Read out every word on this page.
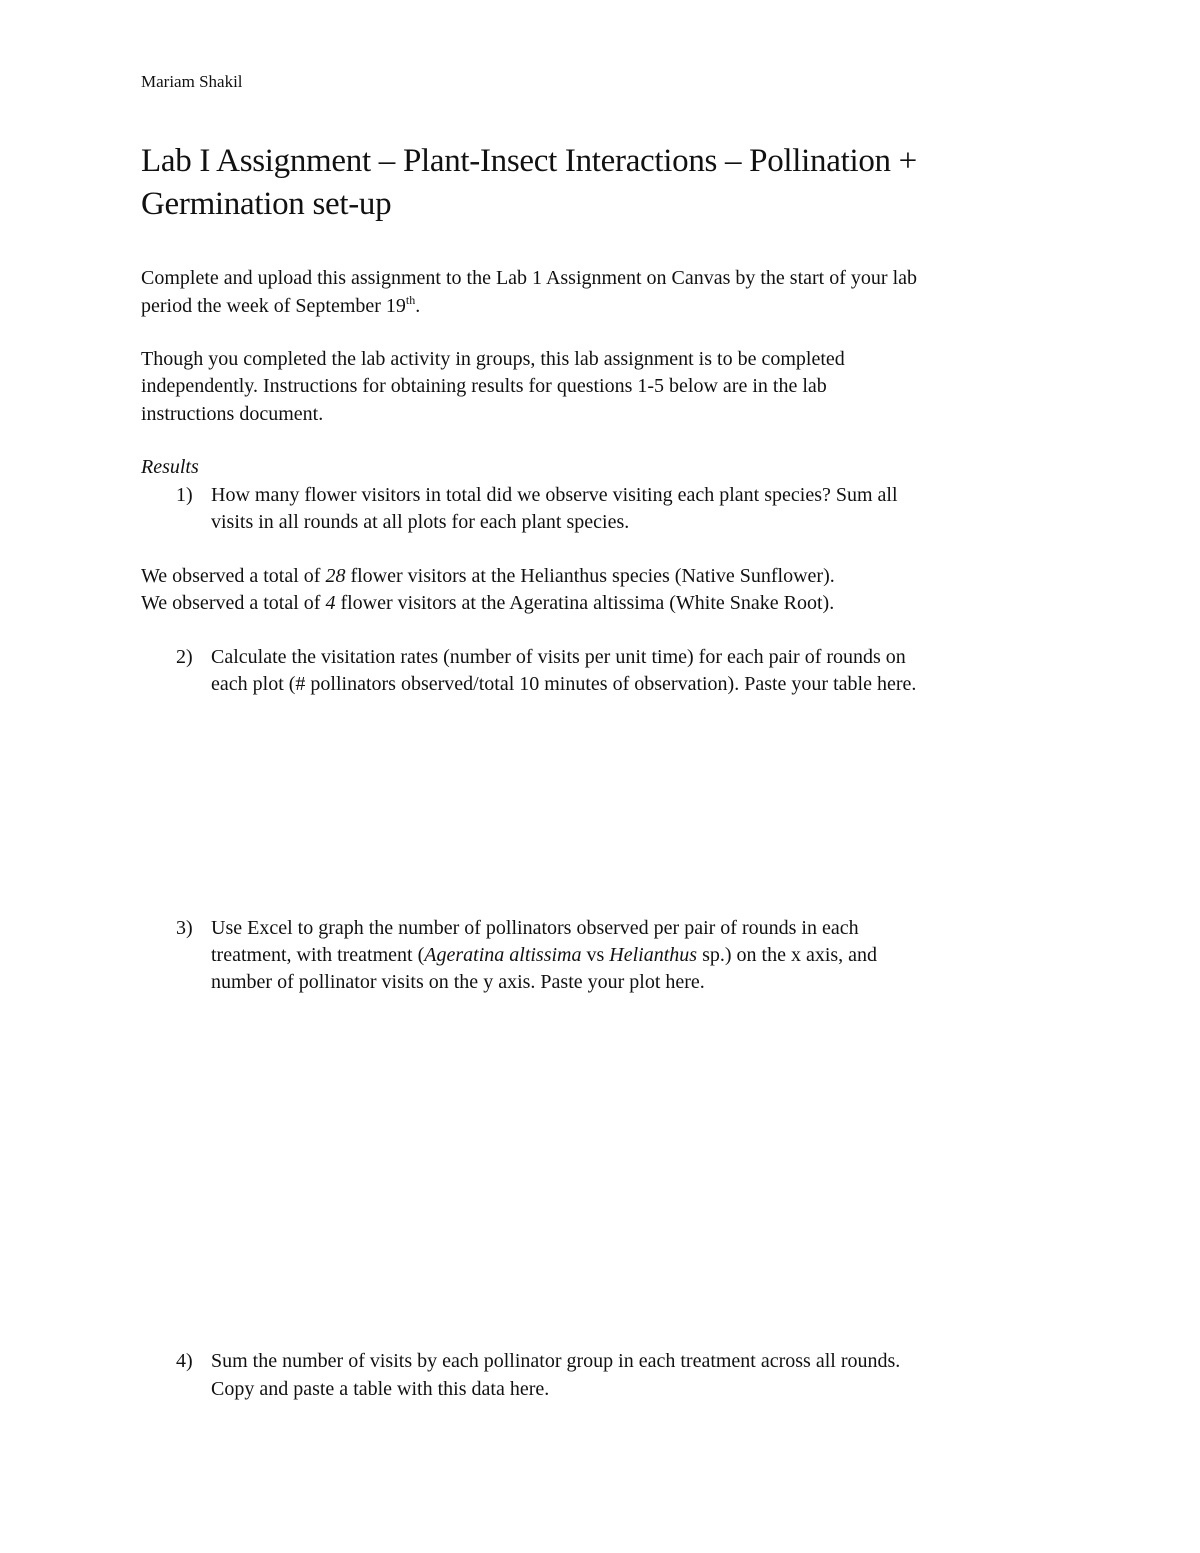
Mariam Shakil
Lab I Assignment – Plant-Insect Interactions – Pollination +
Germination set-up
Complete and upload this assignment to the Lab 1 Assignment on Canvas by the start of your lab
period the week of September 19th.
Though you completed the lab activity in groups, this lab assignment is to be completed
independently. Instructions for obtaining results for questions 1-5 below are in the lab
instructions document.
Results
1) How many flower visitors in total did we observe visiting each plant species? Sum all
visits in all rounds at all plots for each plant species.
We observed a total of 28 flower visitors at the Helianthus species (Native Sunflower).
We observed a total of 4 flower visitors at the Ageratina altissima (White Snake Root).
2) Calculate the visitation rates (number of visits per unit time) for each pair of rounds on
each plot (# pollinators observed/total 10 minutes of observation). Paste your table here.
3) Use Excel to graph the number of pollinators observed per pair of rounds in each
treatment, with treatment (Ageratina altissima vs Helianthus sp.) on the x axis, and
number of pollinator visits on the y axis. Paste your plot here.
4) Sum the number of visits by each pollinator group in each treatment across all rounds.
Copy and paste a table with this data here.
